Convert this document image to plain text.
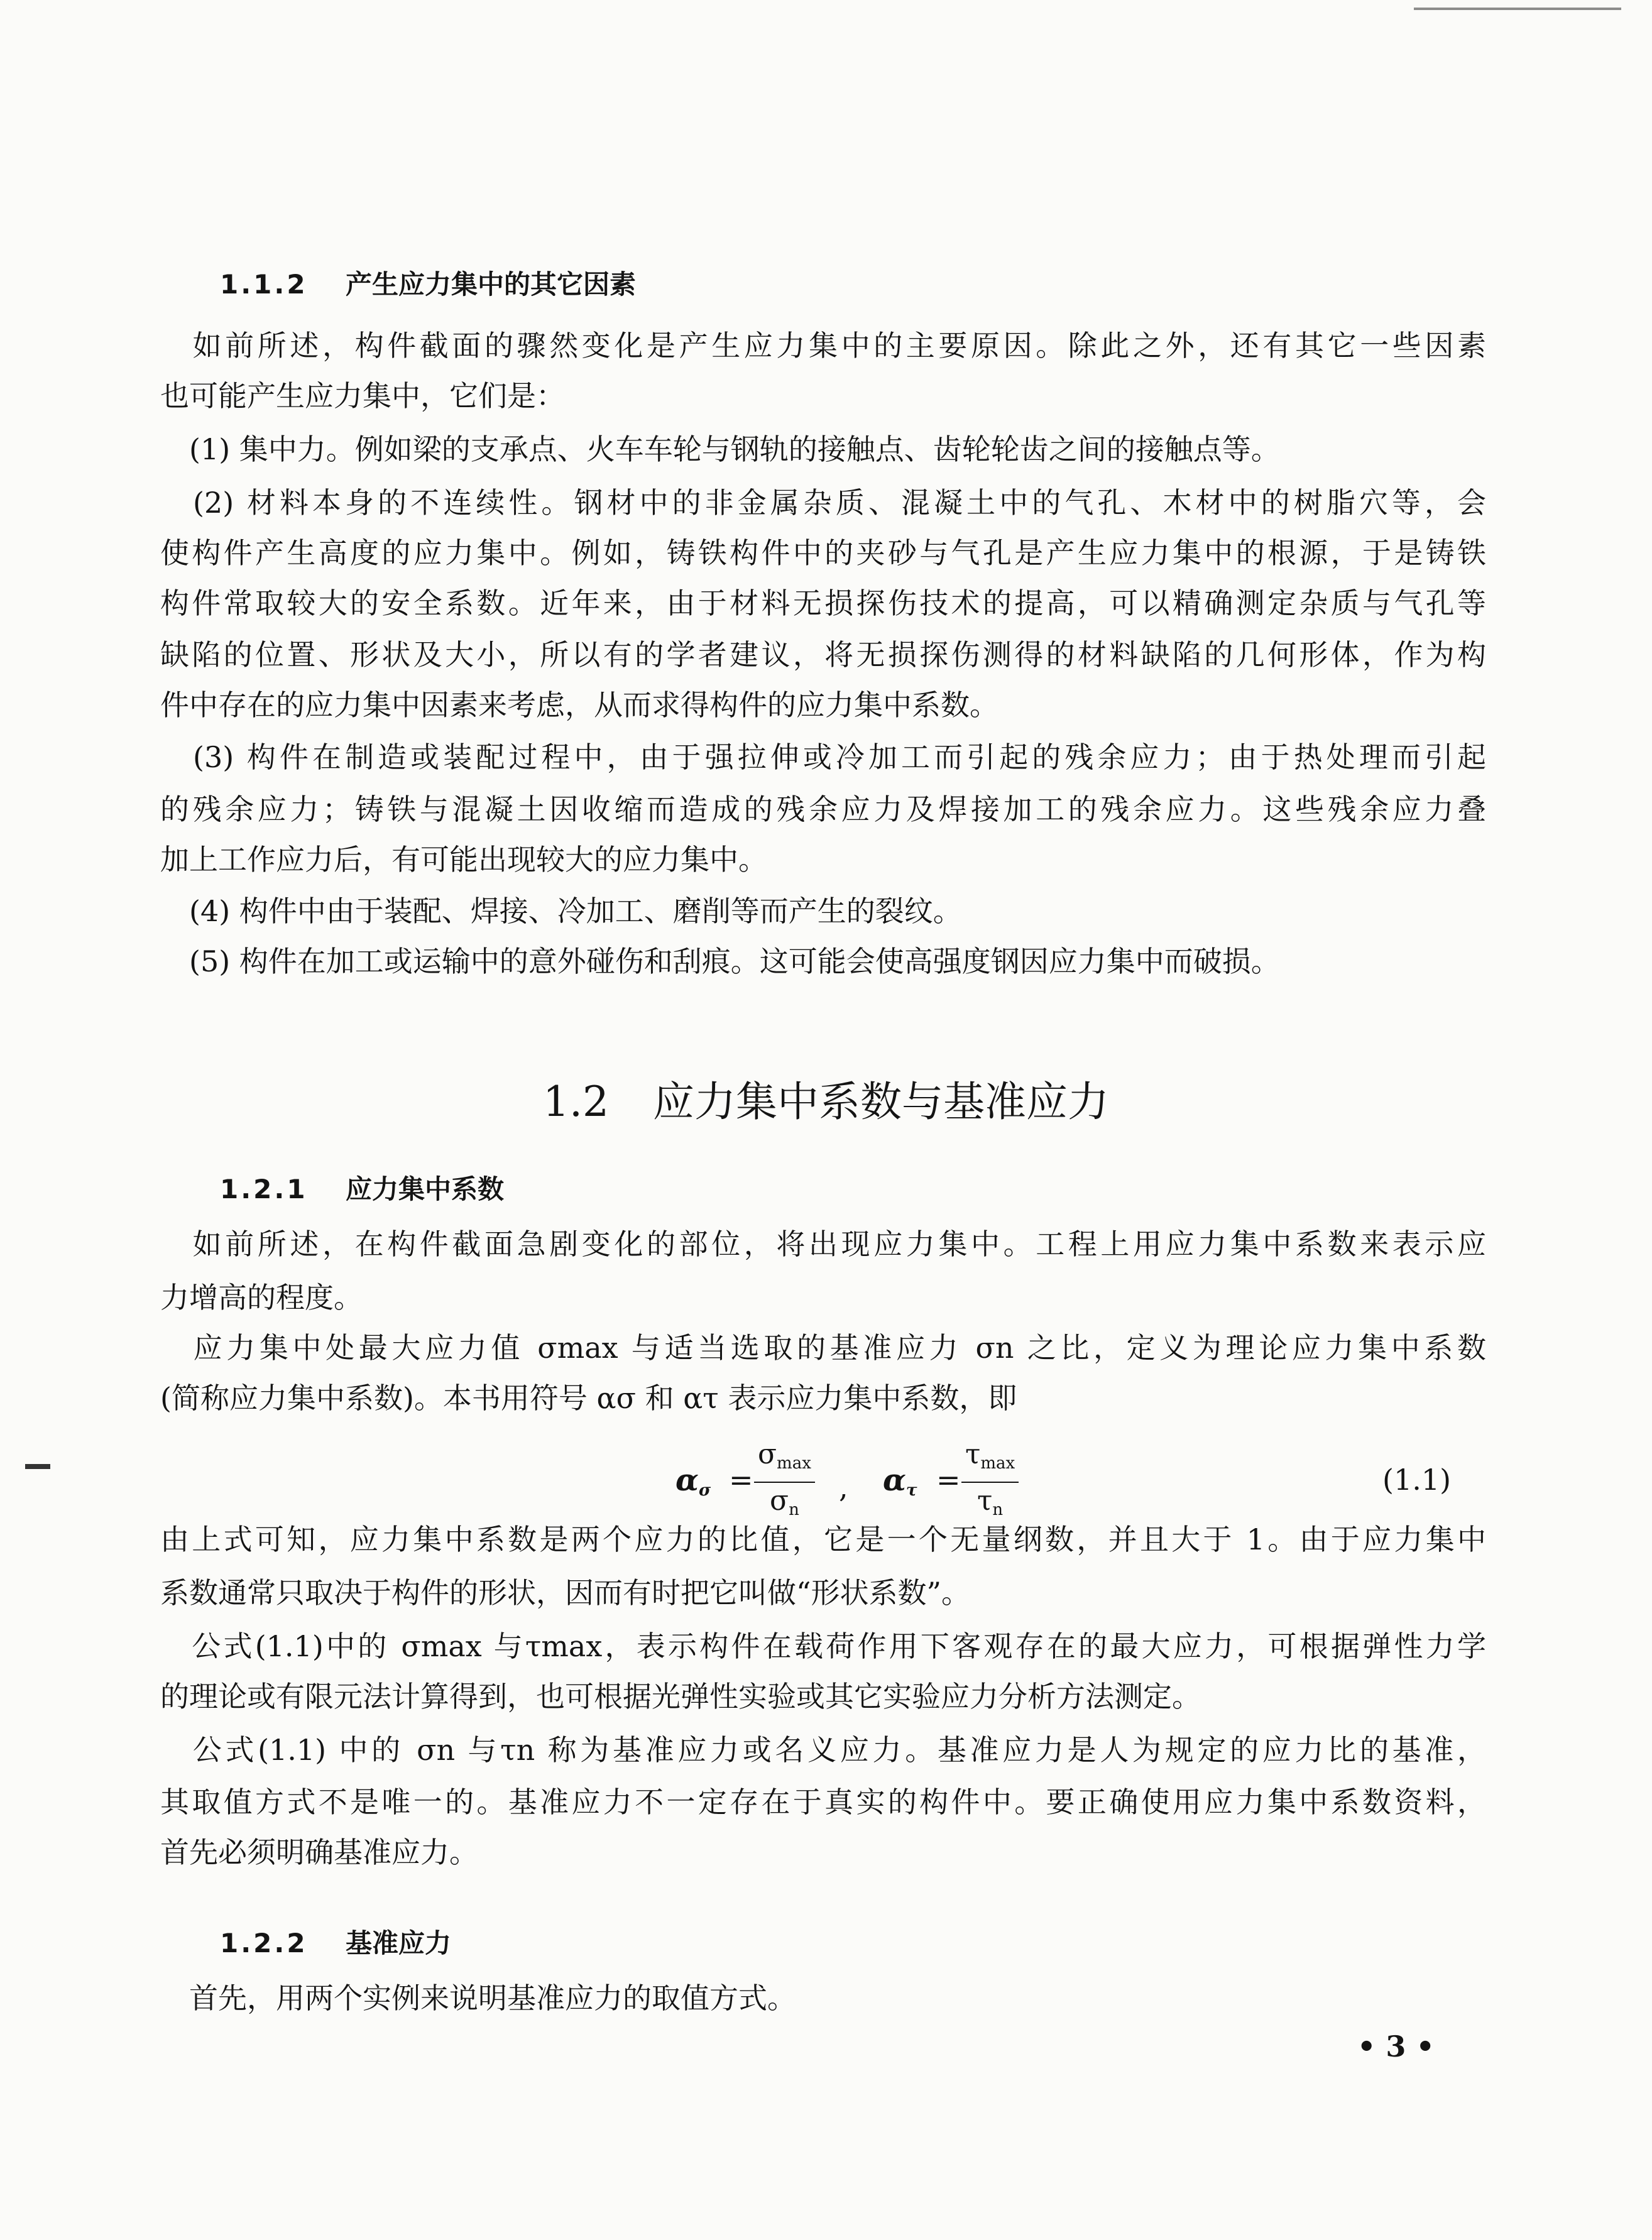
1.1.2 产生应力集中的其它因素
　如前所述，构件截面的骤然变化是产生应力集中的主要原因。除此之外，还有其它一些因素
也可能产生应力集中，它们是：
　(1) 集中力。例如梁的支承点、火车车轮与钢轨的接触点、齿轮轮齿之间的接触点等。
　(2) 材料本身的不连续性。钢材中的非金属杂质、混凝土中的气孔、木材中的树脂穴等，会
使构件产生高度的应力集中。例如，铸铁构件中的夹砂与气孔是产生应力集中的根源，于是铸铁
构件常取较大的安全系数。近年来，由于材料无损探伤技术的提高，可以精确测定杂质与气孔等
缺陷的位置、形状及大小，所以有的学者建议，将无损探伤测得的材料缺陷的几何形体，作为构
件中存在的应力集中因素来考虑，从而求得构件的应力集中系数。
　(3) 构件在制造或装配过程中，由于强拉伸或冷加工而引起的残余应力；由于热处理而引起
的残余应力；铸铁与混凝土因收缩而造成的残余应力及焊接加工的残余应力。这些残余应力叠
加上工作应力后，有可能出现较大的应力集中。
　(4) 构件中由于装配、焊接、冷加工、磨削等而产生的裂纹。
　(5) 构件在加工或运输中的意外碰伤和刮痕。这可能会使高强度钢因应力集中而破损。
1.2 应力集中系数与基准应力
1.2.1 应力集中系数
　如前所述，在构件截面急剧变化的部位，将出现应力集中。工程上用应力集中系数来表示应
力增高的程度。
　应力集中处最大应力值 σmax 与适当选取的基准应力 σn 之比，定义为理论应力集中系数
(简称应力集中系数)。本书用符号 ασ 和 ατ 表示应力集中系数，即
$\alpha_\sigma$ =
$\sigma_{max}$
$\sigma_n$
, $\alpha_\tau$ =
$\tau_{max}$
$\tau_n$
(1.1)
由上式可知，应力集中系数是两个应力的比值，它是一个无量纲数，并且大于 1。由于应力集中
系数通常只取决于构件的形状，因而有时把它叫做“形状系数”。
　公式(1.1)中的 σmax 与τmax，表示构件在载荷作用下客观存在的最大应力，可根据弹性力学
的理论或有限元法计算得到，也可根据光弹性实验或其它实验应力分析方法测定。
　公式(1.1) 中的 σn 与τn 称为基准应力或名义应力。基准应力是人为规定的应力比的基准，
其取值方式不是唯一的。基准应力不一定存在于真实的构件中。要正确使用应力集中系数资料，
首先必须明确基准应力。
1.2.2 基准应力
　首先，用两个实例来说明基准应力的取值方式。
• 3 •
